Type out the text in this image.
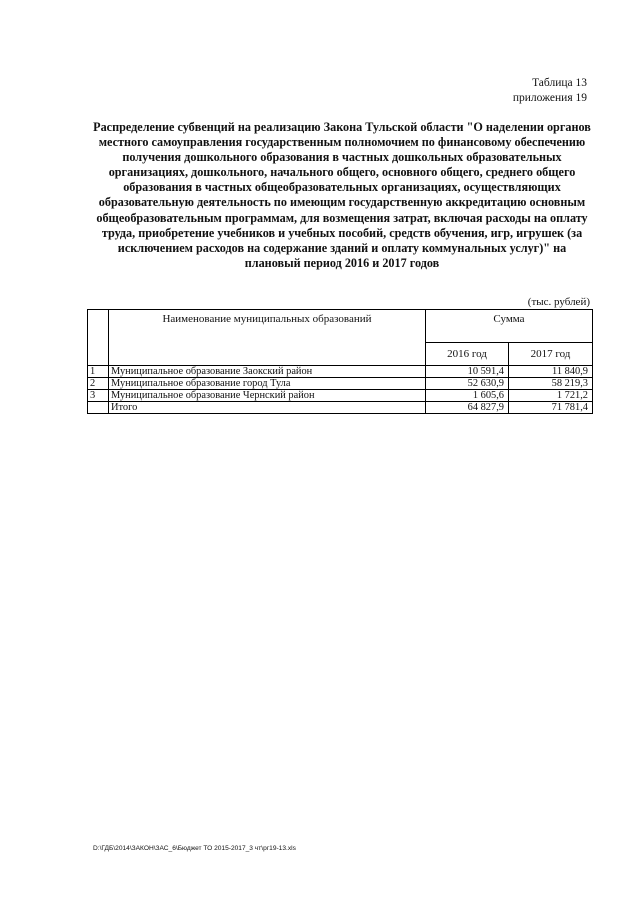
Таблица 13
приложения 19
Распределение субвенций на реализацию Закона Тульской области "О наделении органов местного самоуправления государственным полномочием по финансовому обеспечению получения дошкольного образования в частных дошкольных образовательных организациях, дошкольного, начального общего, основного общего, среднего общего образования в частных общеобразовательных организациях, осуществляющих образовательную деятельность по имеющим государственную аккредитацию основным общеобразовательным программам, для возмещения затрат, включая расходы на оплату труда, приобретение учебников и учебных пособий, средств обучения, игр, игрушек (за исключением расходов на содержание зданий и оплату коммунальных услуг)" на плановый период 2016 и 2017 годов
(тыс. рублей)
	Наименование муниципальных образований	Сумма	
		2016 год	2017 год
1	Муниципальное образование Заокский район	10 591,4	11 840,9
2	Муниципальное образование город Тула	52 630,9	58 219,3
3	Муниципальное образование Чернский район	1 605,6	1 721,2
	Итого	64 827,9	71 781,4
D:\ГДБ\2014\ЗАКОН\ЗАС_6\Бюджет ТО 2015-2017_3 чт\рг19-13.xls
